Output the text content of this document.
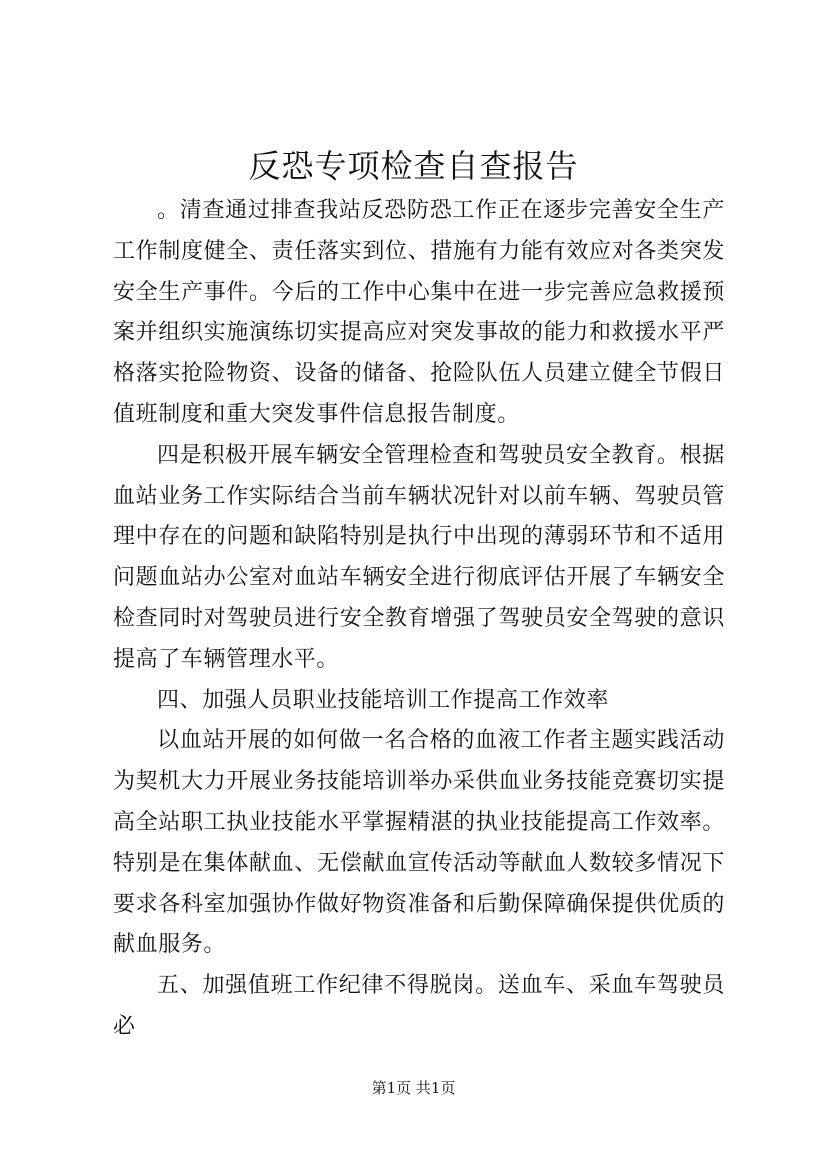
反恐专项检查自查报告

。清查通过排查我站反恐防恐工作正在逐步完善安全生产工作制度健全、责任落实到位、措施有力能有效应对各类突发安全生产事件。今后的工作中心集中在进一步完善应急救援预案并组织实施演练切实提高应对突发事故的能力和救援水平严格落实抢险物资、设备的储备、抢险队伍人员建立健全节假日值班制度和重大突发事件信息报告制度。

四是积极开展车辆安全管理检查和驾驶员安全教育。根据血站业务工作实际结合当前车辆状况针对以前车辆、驾驶员管理中存在的问题和缺陷特别是执行中出现的薄弱环节和不适用问题血站办公室对血站车辆安全进行彻底评估开展了车辆安全检查同时对驾驶员进行安全教育增强了驾驶员安全驾驶的意识提高了车辆管理水平。

四、加强人员职业技能培训工作提高工作效率

以血站开展的如何做一名合格的血液工作者主题实践活动为契机大力开展业务技能培训举办采供血业务技能竞赛切实提高全站职工执业技能水平掌握精湛的执业技能提高工作效率。特别是在集体献血、无偿献血宣传活动等献血人数较多情况下要求各科室加强协作做好物资准备和后勤保障确保提供优质的献血服务。

五、加强值班工作纪律不得脱岗。送血车、采血车驾驶员必

第1页 共1页
